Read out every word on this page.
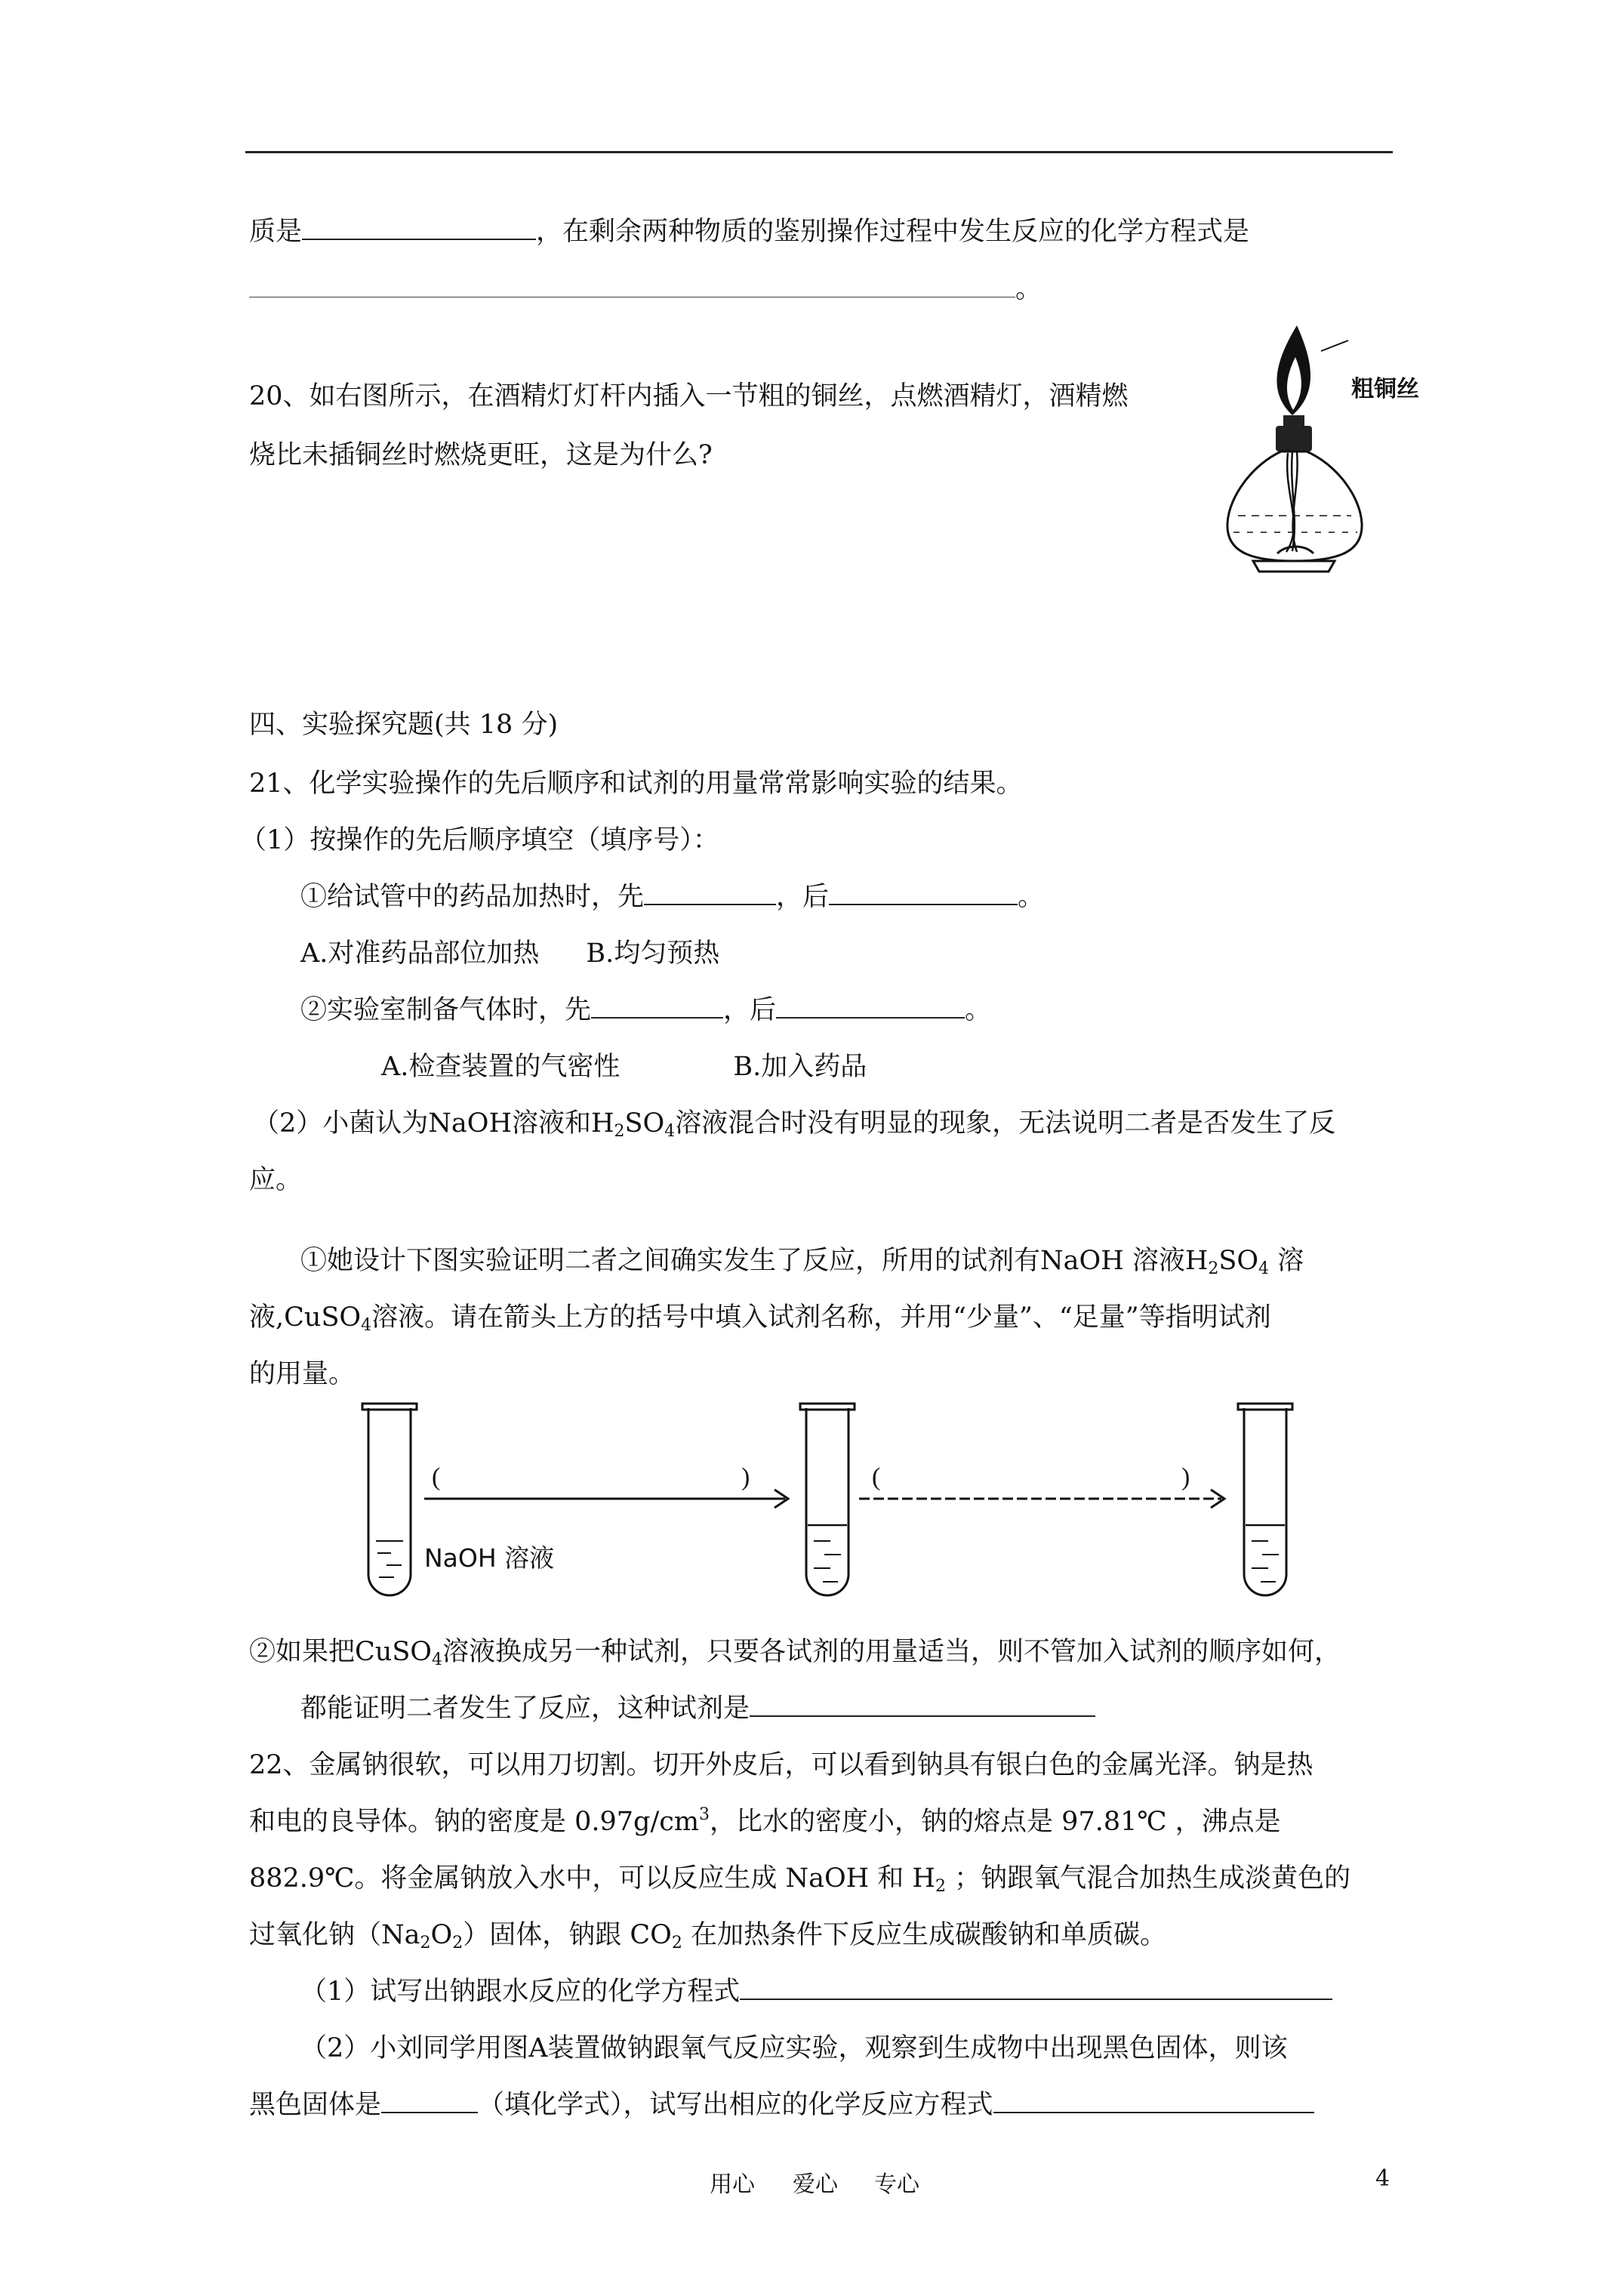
质是	，在剩余两种物质的鉴别操作过程中发生反应的化学方程式是
。
20、如右图所示，在酒精灯灯杆内插入一节粗的铜丝，点燃酒精灯，酒精燃
烧比未插铜丝时燃烧更旺，这是为什么?
粗铜丝
四、实验探究题(共 18 分)
21、化学实验操作的先后顺序和试剂的用量常常影响实验的结果。
（1）按操作的先后顺序填空（填序号）：
①给试管中的药品加热时，先	，后	。
A.对准药品部位加热 B.均匀预热
②实验室制备气体时，先	，后	。
A.检查装置的气密性	B.加入药品
（2）小菌认为NaOH溶液和$H_2SO_4$溶液混合时没有明显的现象，无法说明二者是否发生了反
应。
①她设计下图实验证明二者之间确实发生了反应，所用的试剂有NaOH 溶液$H_2SO_4$ 溶
液,CuSO$_4$溶液。请在箭头上方的括号中填入试剂名称，并用“少量”、“足量”等指明试剂
的用量。
(	)	(	)
NaOH 溶液
②如果把CuSO$_4$溶液换成另一种试剂，只要各试剂的用量适当，则不管加入试剂的顺序如何，
都能证明二者发生了反应，这种试剂是
22、金属钠很软，可以用刀切割。切开外皮后，可以看到钠具有银白色的金属光泽。钠是热
和电的良导体。钠的密度是 $0.97g/cm^3$，比水的密度小，钠的熔点是 97.81℃ ，沸点是
882.9℃。将金属钠放入水中，可以反应生成 NaOH 和 $H_2$ ；钠跟氧气混合加热生成淡黄色的
过氧化钠$(Na_2O_2)$固体，钠跟 $CO_2$ 在加热条件下反应生成碳酸钠和单质碳。
（1）试写出钠跟水反应的化学方程式
（2）小刘同学用图A装置做钠跟氧气反应实验，观察到生成物中出现黑色固体，则该
黑色固体是	（填化学式），试写出相应的化学反应方程式
用心 爱心 专心	4
